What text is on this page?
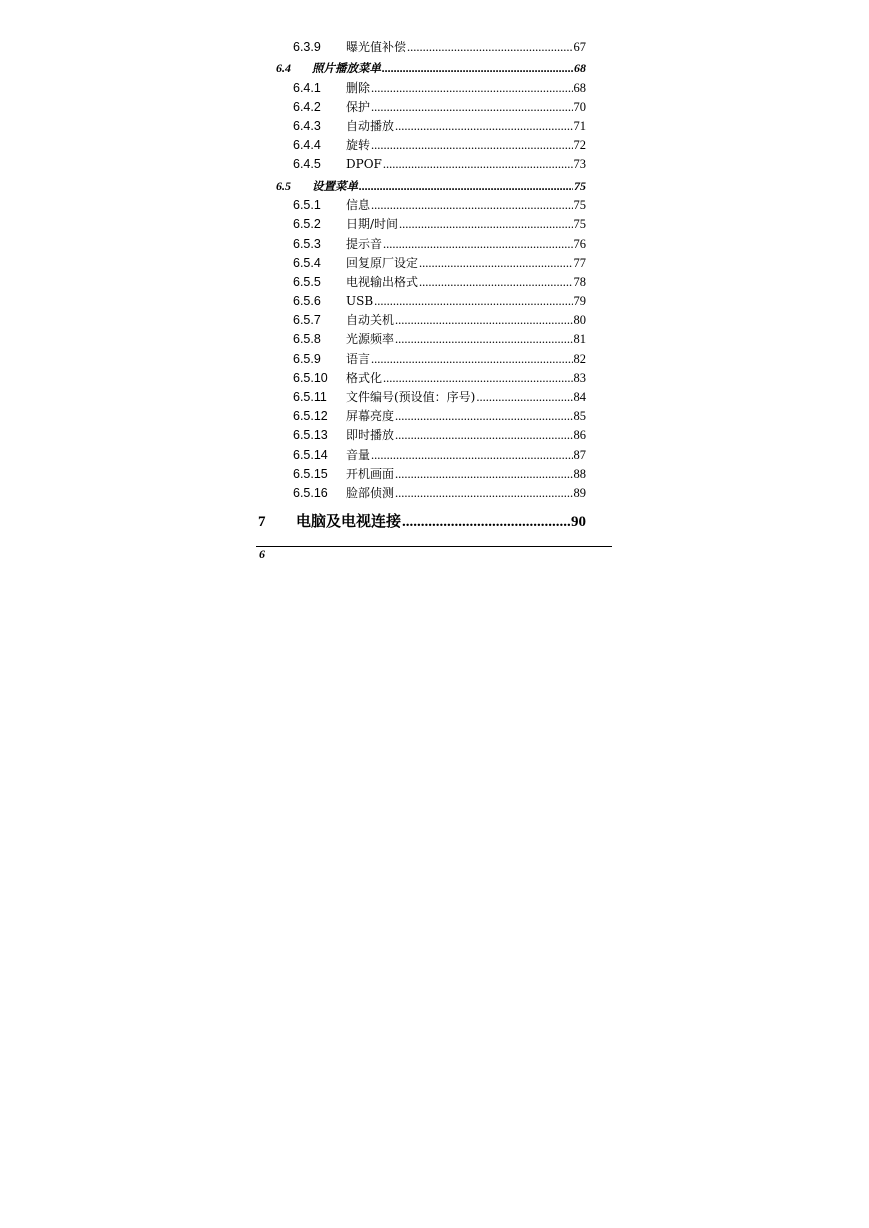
6.3.9	曝光值补偿 .....	67
6.4	照片播放菜单 .....	68
6.4.1	删除 .....	68
6.4.2	保护 .....	70
6.4.3	自动播放 .....	71
6.4.4	旋转 .....	72
6.4.5	DPOF .....	73
6.5	设置菜单 .....	75
6.5.1	信息 .....	75
6.5.2	日期/时间 .....	75
6.5.3	提示音 .....	76
6.5.4	回复原厂设定 .....	77
6.5.5	电视输出格式 .....	78
6.5.6	USB .....	79
6.5.7	自动关机 .....	80
6.5.8	光源频率 .....	81
6.5.9	语言 .....	82
6.5.10	格式化 .....	83
6.5.11	文件编号(预设值：序号) .....	84
6.5.12	屏幕亮度 .....	85
6.5.13	即时播放 .....	86
6.5.14	音量 .....	87
6.5.15	开机画面 .....	88
6.5.16	脸部侦测 .....	89
7	电脑及电视连接 .....	90
6
